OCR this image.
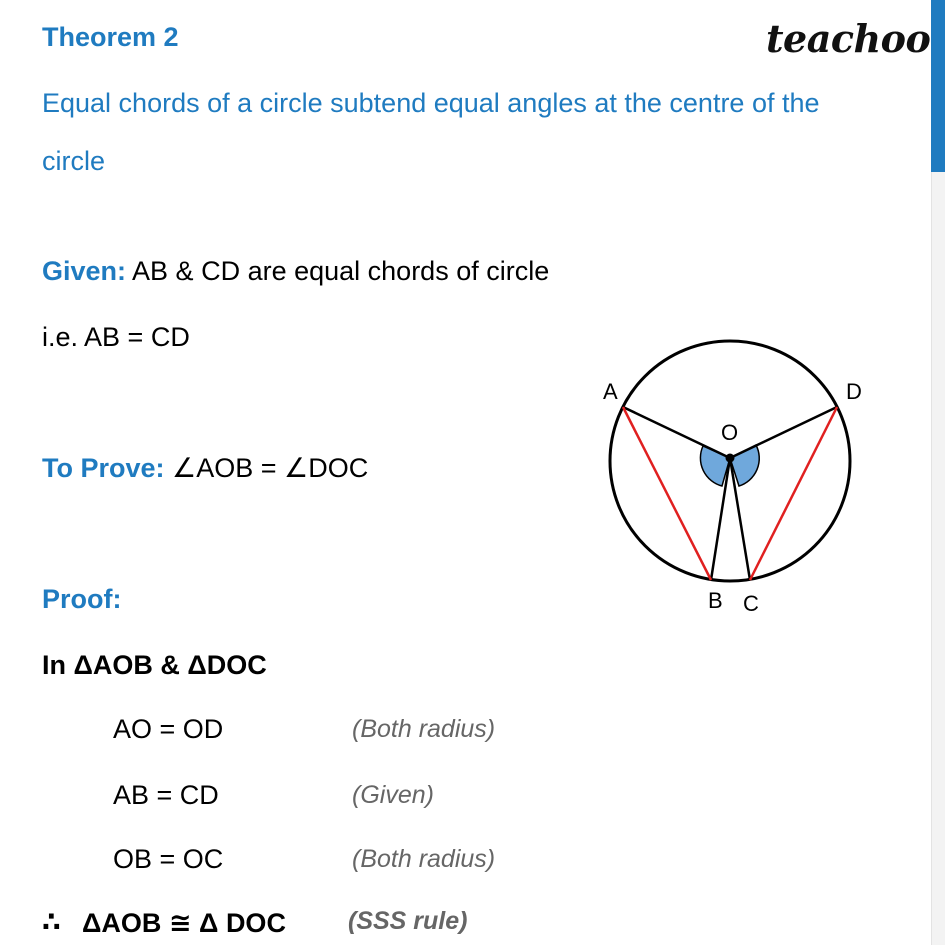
Theorem 2	teachoo
Equal chords of a circle subtend equal angles at the centre of the
circle
Given: AB & CD are equal chords of circle
i.e. AB = CD
To Prove: ∠AOB = ∠DOC
Proof:
In ΔAOB & ΔDOC
AO = OD	(Both radius)
AB = CD	(Given)
OB = OC	(Both radius)
∴ ΔAOB ≅ Δ DOC (SSS rule)
A	D
O
B C
